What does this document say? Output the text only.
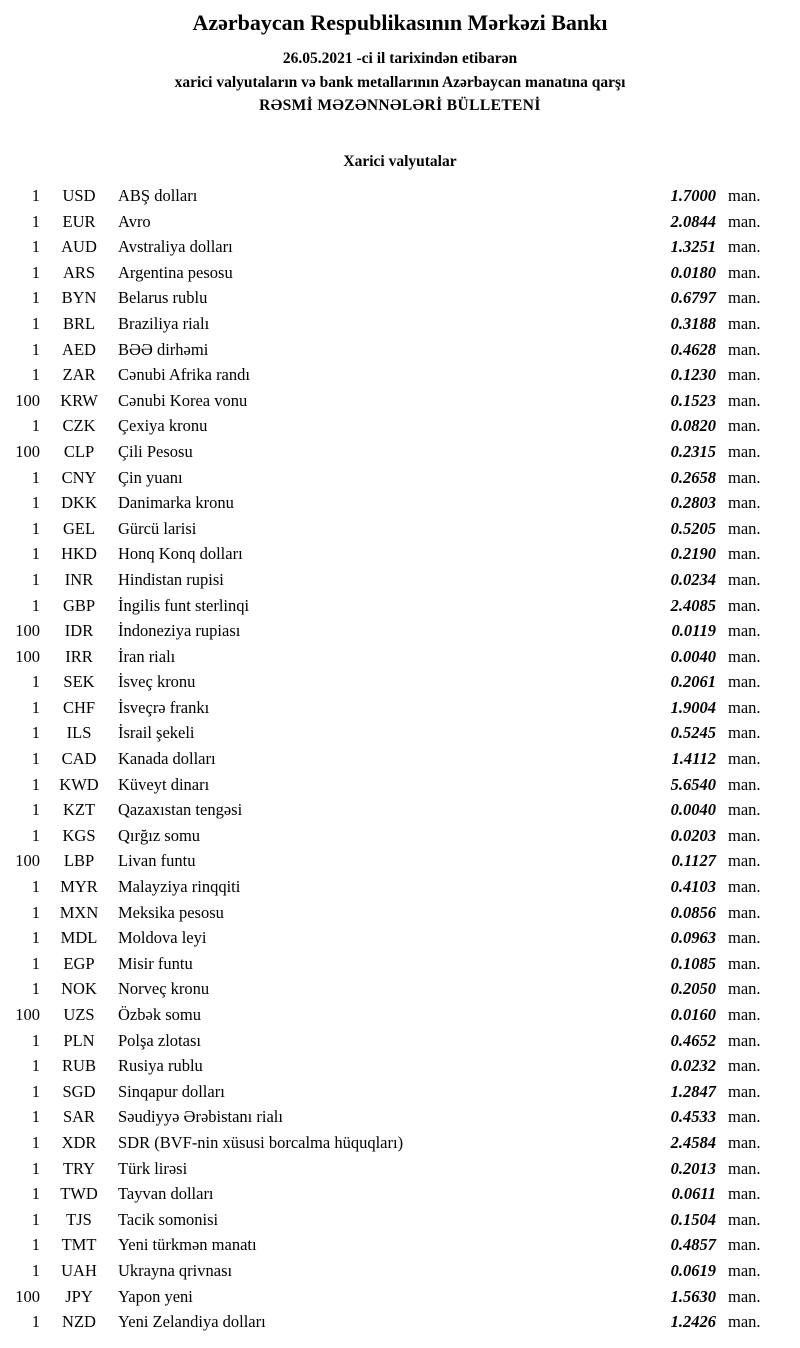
Azərbaycan Respublikasının Mərkəzi Bankı
26.05.2021 -ci il tarixindən etibarən
xarici valyutaların və bank metallarının Azərbaycan manatına qarşı
RƏSMİ MƏZƏNNƏLƏRİ BÜLLETENİ
Xarici valyutalar
1	USD	ABŞ dolları	1.7000 man.
1	EUR	Avro	2.0844 man.
1	AUD	Avstraliya dolları	1.3251 man.
1	ARS	Argentina pesosu	0.0180 man.
1	BYN	Belarus rublu	0.6797 man.
1	BRL	Braziliya rialı	0.3188 man.
1	AED	BƏƏ dirhəmi	0.4628 man.
1	ZAR	Cənubi Afrika randı	0.1230 man.
100	KRW	Cənubi Korea vonu	0.1523 man.
1	CZK	Çexiya kronu	0.0820 man.
100	CLP	Çili Pesosu	0.2315 man.
1	CNY	Çin yuanı	0.2658 man.
1	DKK	Danimarka kronu	0.2803 man.
1	GEL	Gürcü larisi	0.5205 man.
1	HKD	Honq Konq dolları	0.2190 man.
1	INR	Hindistan rupisi	0.0234 man.
1	GBP	İngilis funt sterlinqi	2.4085 man.
100	IDR	İndoneziya rupiası	0.0119 man.
100	IRR	İran rialı	0.0040 man.
1	SEK	İsveç kronu	0.2061 man.
1	CHF	İsveçrə frankı	1.9004 man.
1	ILS	İsrail şekeli	0.5245 man.
1	CAD	Kanada dolları	1.4112 man.
1	KWD	Küveyt dinarı	5.6540 man.
1	KZT	Qazaxıstan tengəsi	0.0040 man.
1	KGS	Qırğız somu	0.0203 man.
100	LBP	Livan funtu	0.1127 man.
1	MYR	Malayziya rinqqiti	0.4103 man.
1	MXN	Meksika pesosu	0.0856 man.
1	MDL	Moldova leyi	0.0963 man.
1	EGP	Misir funtu	0.1085 man.
1	NOK	Norveç kronu	0.2050 man.
100	UZS	Özbək somu	0.0160 man.
1	PLN	Polşa zlotası	0.4652 man.
1	RUB	Rusiya rublu	0.0232 man.
1	SGD	Sinqapur dolları	1.2847 man.
1	SAR	Səudiyyə Ərəbistanı rialı	0.4533 man.
1	XDR	SDR (BVF-nin xüsusi borcalma hüquqları)	2.4584 man.
1	TRY	Türk lirəsi	0.2013 man.
1	TWD	Tayvan dolları	0.0611 man.
1	TJS	Tacik somonisi	0.1504 man.
1	TMT	Yeni türkmən manatı	0.4857 man.
1	UAH	Ukrayna qrivnası	0.0619 man.
100	JPY	Yapon yeni	1.5630 man.
1	NZD	Yeni Zelandiya dolları	1.2426 man.
